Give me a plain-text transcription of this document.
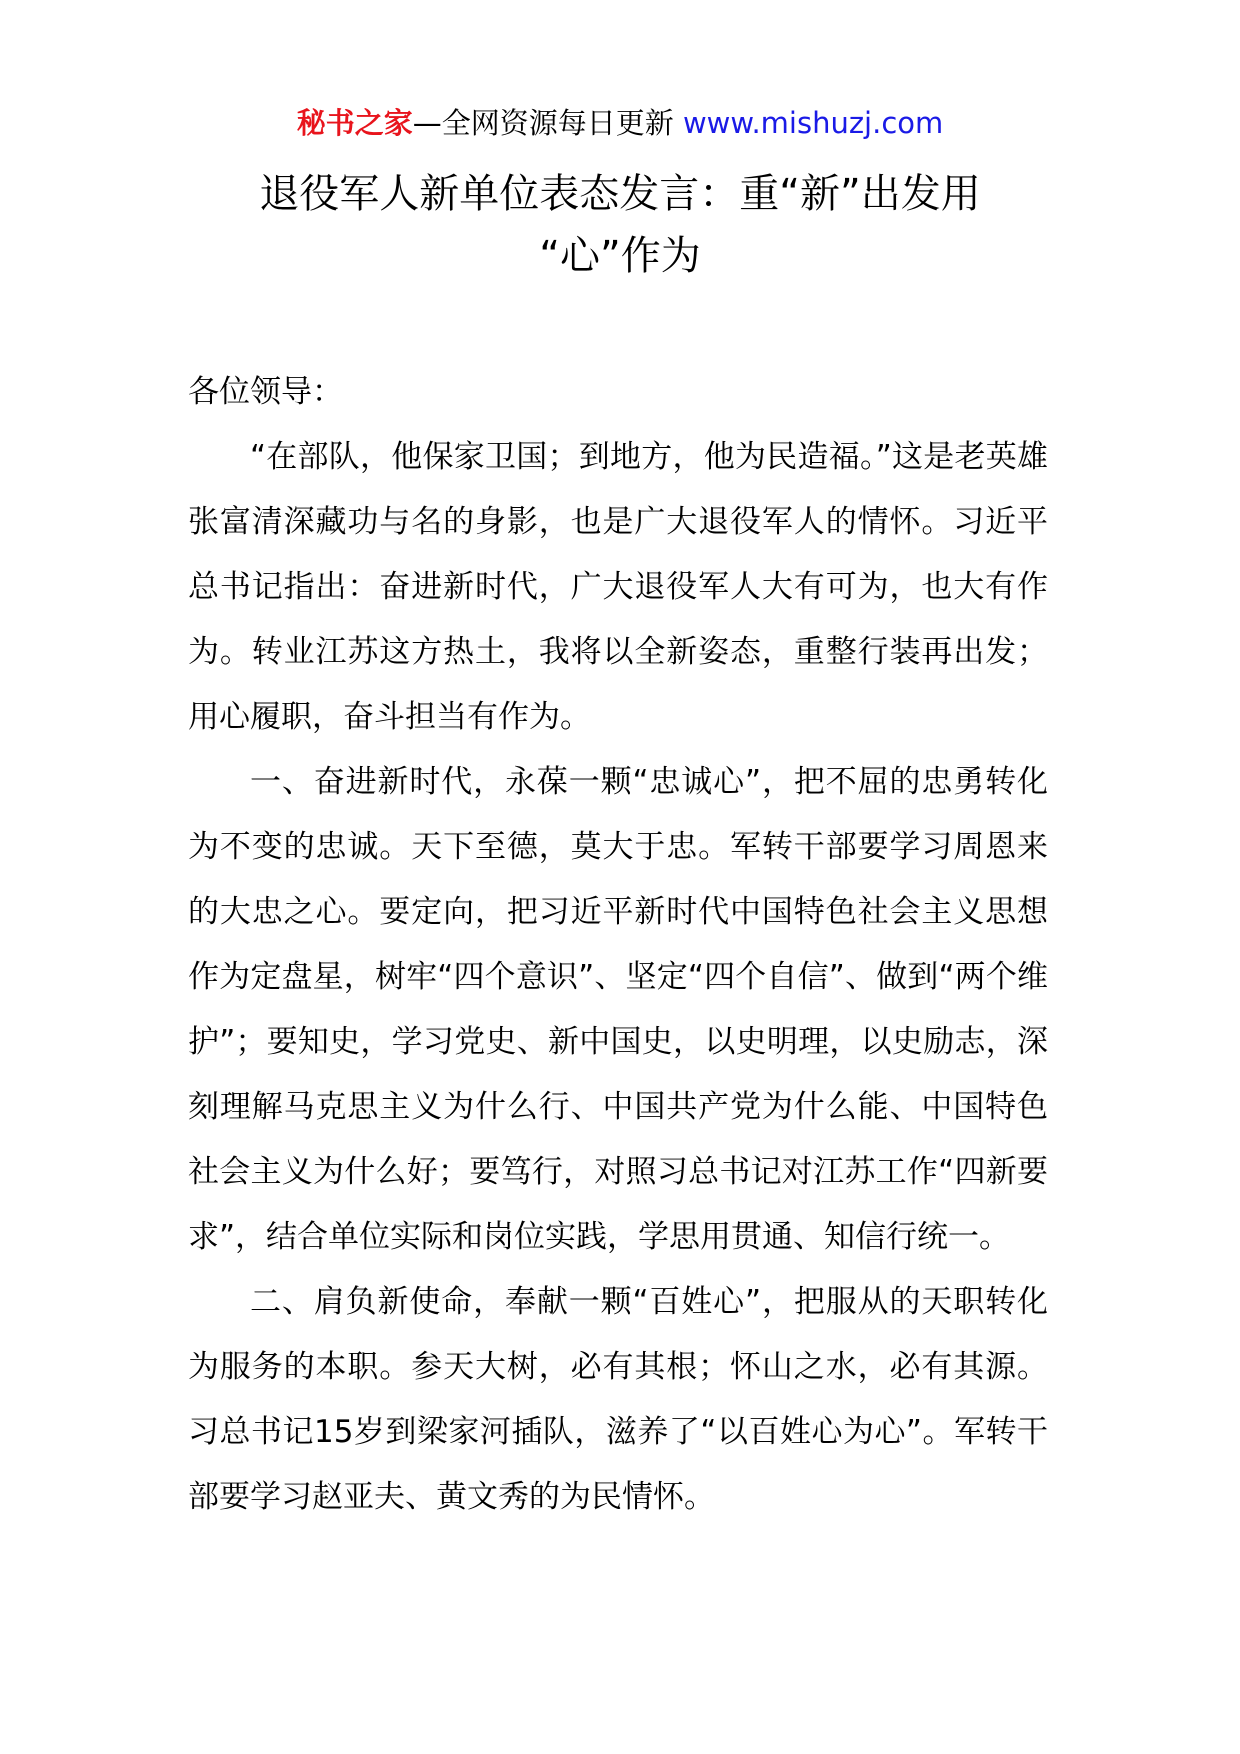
秘书之家—全网资源每日更新 www.mishuzj.com
退役军人新单位表态发言：重“新”出发用
“心”作为

各位领导：

“在部队，他保家卫国；到地方，他为民造福。”这是老英雄张富清深藏功与名的身影，也是广大退役军人的情怀。习近平总书记指出：奋进新时代，广大退役军人大有可为，也大有作为。转业江苏这方热土，我将以全新姿态，重整行装再出发；用心履职，奋斗担当有作为。

一、奋进新时代，永葆一颗“忠诚心”，把不屈的忠勇转化为不变的忠诚。天下至德，莫大于忠。军转干部要学习周恩来的大忠之心。要定向，把习近平新时代中国特色社会主义思想作为定盘星，树牢“四个意识”、坚定“四个自信”、做到“两个维护”；要知史，学习党史、新中国史，以史明理，以史励志，深刻理解马克思主义为什么行、中国共产党为什么能、中国特色社会主义为什么好；要笃行，对照习总书记对江苏工作“四新要求”，结合单位实际和岗位实践，学思用贯通、知信行统一。

二、肩负新使命，奉献一颗“百姓心”，把服从的天职转化为服务的本职。参天大树，必有其根；怀山之水，必有其源。习总书记15岁到梁家河插队，滋养了“以百姓心为心”。军转干部要学习赵亚夫、黄文秀的为民情怀。
